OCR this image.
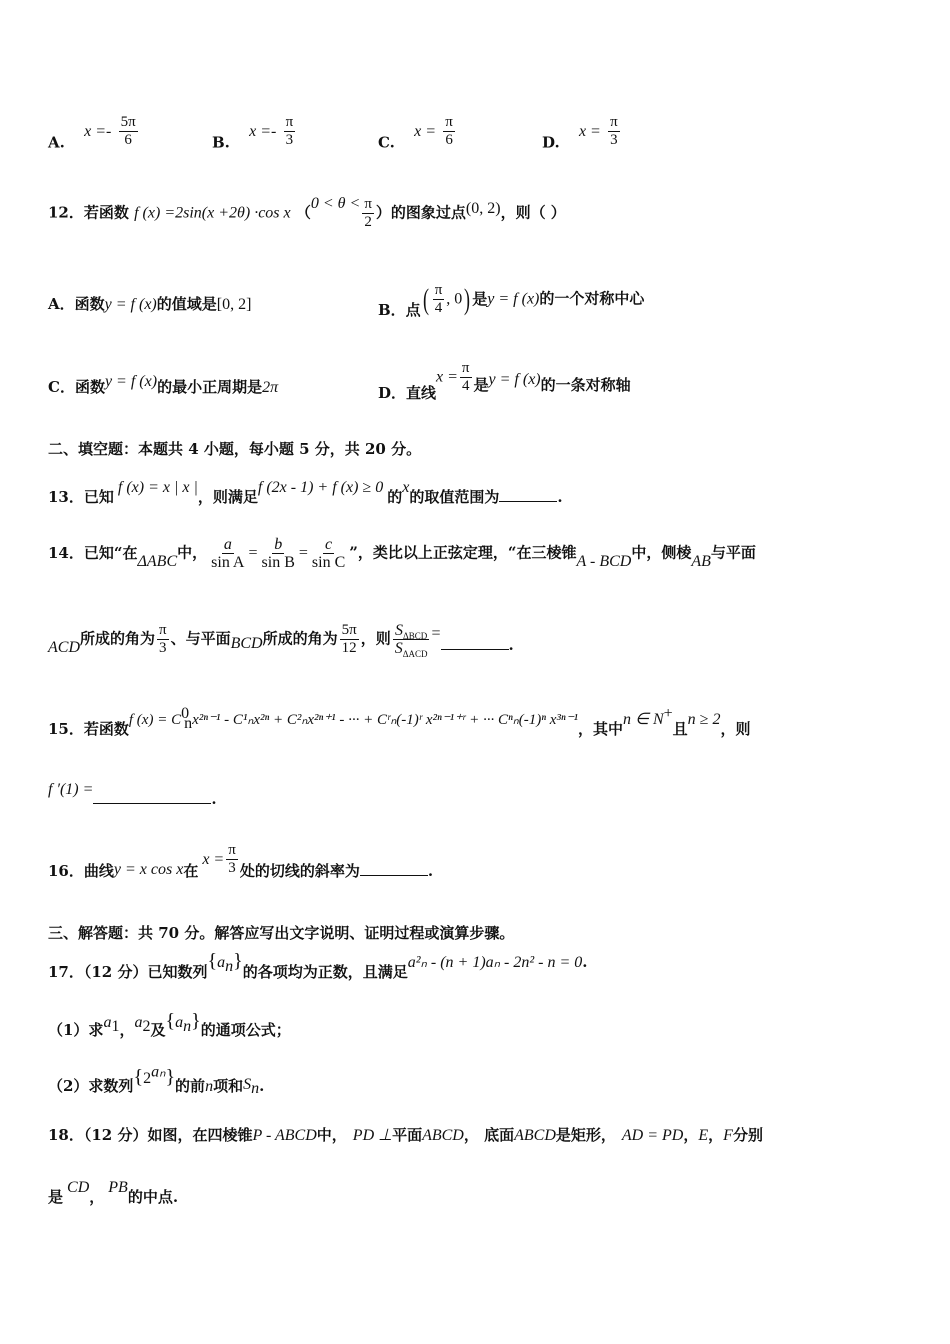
A. $x =- \frac{5\pi}{6}$	B. $x =- \frac{\pi}{3}$	C. $x = \frac{\pi}{6}$	D. $x = \frac{\pi}{3}$
12．若函数 f (x) =2sin(x +2θ) ·cos x （$0 < \theta < \frac{\pi}{2}$ ）的图象过点(0, 2)，则（ ）
A．函数y = f (x)的值域是[0, 2]	B．点( $\frac{\pi}{4}$ , 0) 是y = f (x)的一个对称中心
C．函数y = f (x)的最小正周期是2π	D．直线$x = \frac{\pi}{4}$ 是y = f (x)的一条对称轴
二、填空题：本题共 4 小题，每小题 5 分，共 20 分。
13．已知f (x) = x | x |，则满足f (2x - 1) + f (x) ≥ 0的x的取值范围为	.
14．已知“在ΔABC中， $\frac{a}{\text{sin A}} = \frac{b}{\text{sin B}} = \frac{c}{\text{sin C}}$ ”，类比以上正弦定理，“在三棱锥A - BCD中，侧棱AB与平面
ACD所成的角为 $\frac{\pi}{3}$ 、与平面BCD所成的角为 $\frac{5\pi}{12}$ ，则 $\frac{S_{\Delta BCD}}{S_{\Delta ACD}}$ =.
15．若函数f $(x) = C^0_nx^{2n-1} - C^1_nx^{2n} + C^2_nx^{2n+1}$ - ··· + Cʳₙ(-1)ʳ x²ⁿ⁻¹⁺ʳ + ··· Cⁿₙ(-1)ⁿ x³ⁿ⁻¹，其中n ∈ N+且n ≥ 2，则
f ′(1) =.
16．曲线y = x cos x在$x = \frac{\pi}{3}$ 处的切线的斜率为	.
三、解答题：共 70 分。解答应写出文字说明、证明过程或演算步骤。
17．（12 分）已知数列$\{a_n\}$的各项均为正数，且满足a²ₙ - (n + 1)aₙ - 2n² - n = 0.
（1）求$a_1$，$a_2$及$\{a_n\}$的通项公式；
（2）求数列$\{2^{a_n}\}$的前n项和$S_n$.
18．（12 分）如图，在四棱锥P - ABCD中， PD ⊥平面ABCD， 底面ABCD是矩形， AD = PD，E，F分别
是CD，PB的中点.
